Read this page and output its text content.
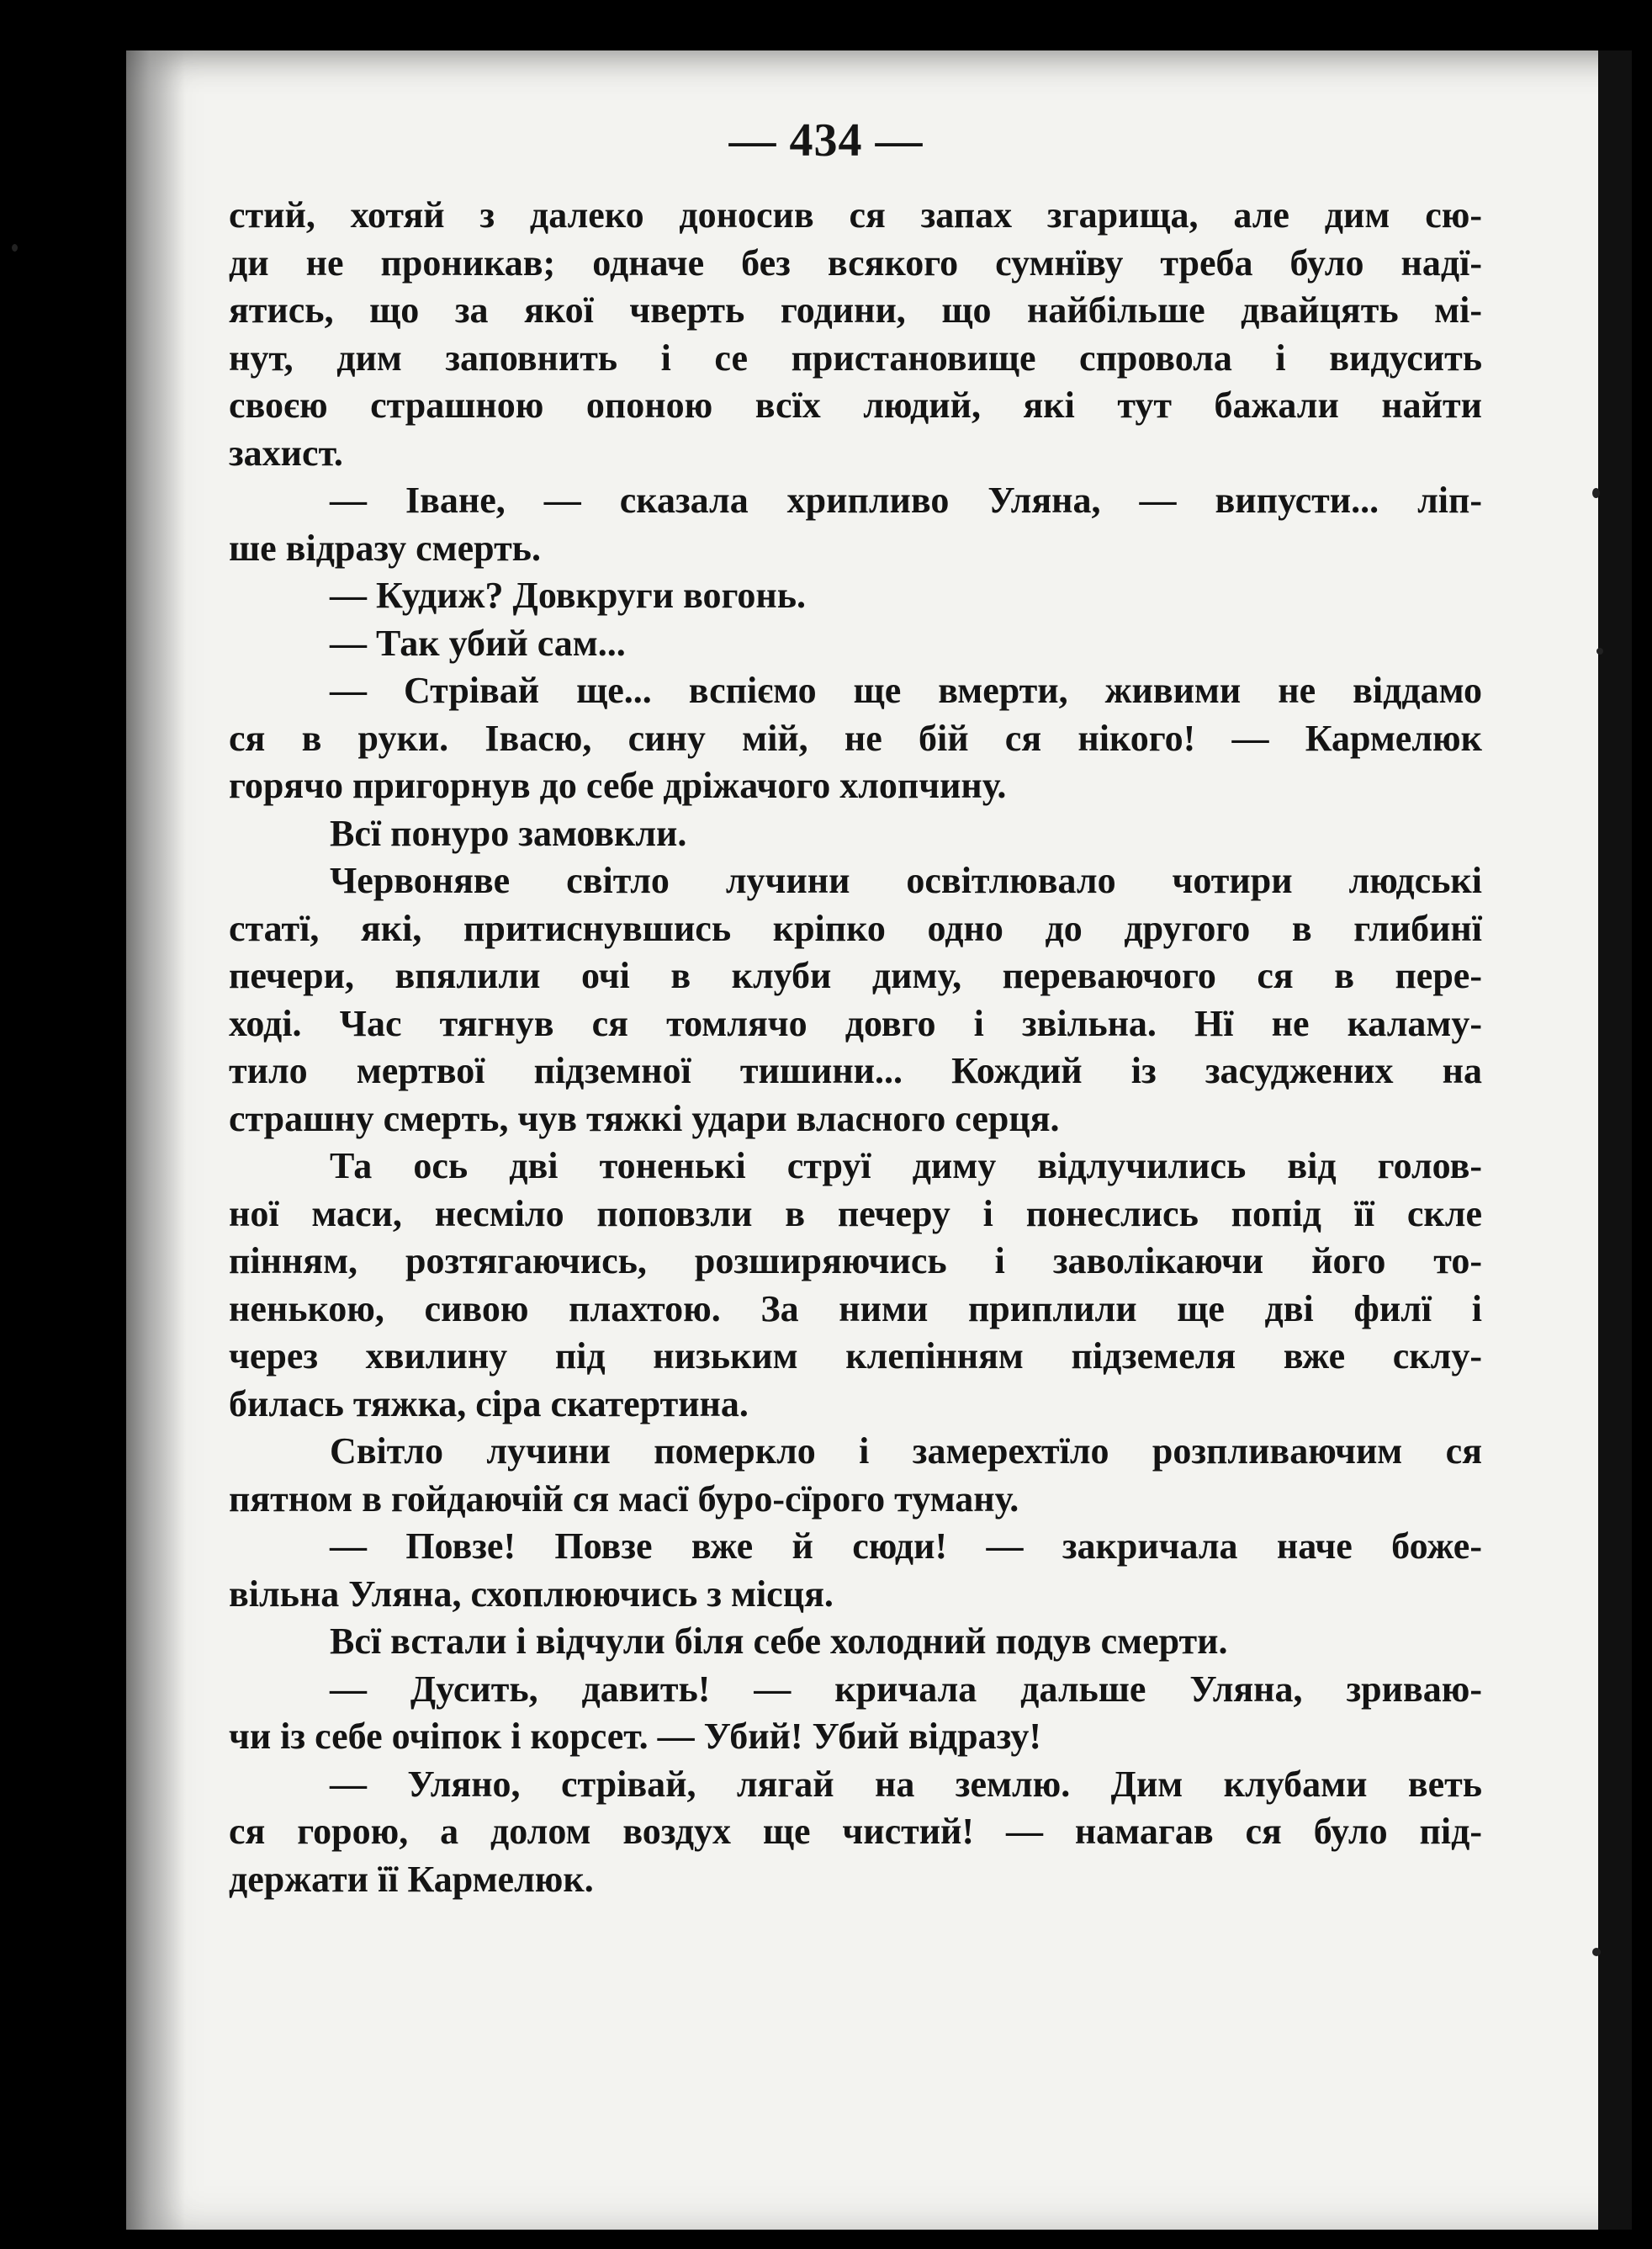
— 434 —
стий, хотяй з далеко доносив ся запах згарища, але дим сю-
ди не проникав; одначе без всякого сумнїву треба було надї-
ятись, що за якої чверть години, що найбільше двайцять мі-
нут, дим заповнить і се пристановище спровола і видусить
своєю страшною опоною всїх людий, які тут бажали найти
захист.
— Іване, — сказала хрипливо Уляна, — випусти... ліп-
ше відразу смерть.
— Кудиж? Довкруги вогонь.
— Так убий сам...
— Стрівай ще... вспіємо ще вмерти, живими не віддамо
ся в руки. Івасю, сину мій, не бій ся нікого! — Кармелюк
горячо пригорнув до себе дріжачого хлопчину.
Всї понуро замовкли.
Червоняве світло лучини освітлювало чотири людські
статї, які, притиснувшись кріпко одно до другого в глибинї
печери, впялили очі в клуби диму, переваючого ся в пере-
ході. Час тягнув ся томлячо довго і звільна. Нї не каламу-
тило мертвої підземної тишини... Кождий із засуджених на
страшну смерть, чув тяжкі удари власного серця.
Та ось дві тоненькі струї диму відлучились від голов-
ної маси, несміло поповзли в печеру і понеслись попід її скле
пінням, розтягаючись, розширяючись і заволікаючи його то-
ненькою, сивою плахтою. За ними приплили ще дві филї і
через хвилину під низьким клепінням підземеля вже склу-
билась тяжка, сіра скатертина.
Світло лучини померкло і замерехтїло розпливаючим ся
пятном в гойдаючій ся масї буро-сїрого туману.
— Повзе! Повзе вже й сюди! — закричала наче боже-
вільна Уляна, схоплюючись з місця.
Всї встали і відчули біля себе холодний подув смерти.
— Дусить, давить! — кричала дальше Уляна, зриваю-
чи із себе очіпок і корсет. — Убий! Убий відразу!
— Уляно, стрівай, лягай на землю. Дим клубами веть
ся горою, а долом воздух ще чистий! — намагав ся було під-
держати її Кармелюк.
